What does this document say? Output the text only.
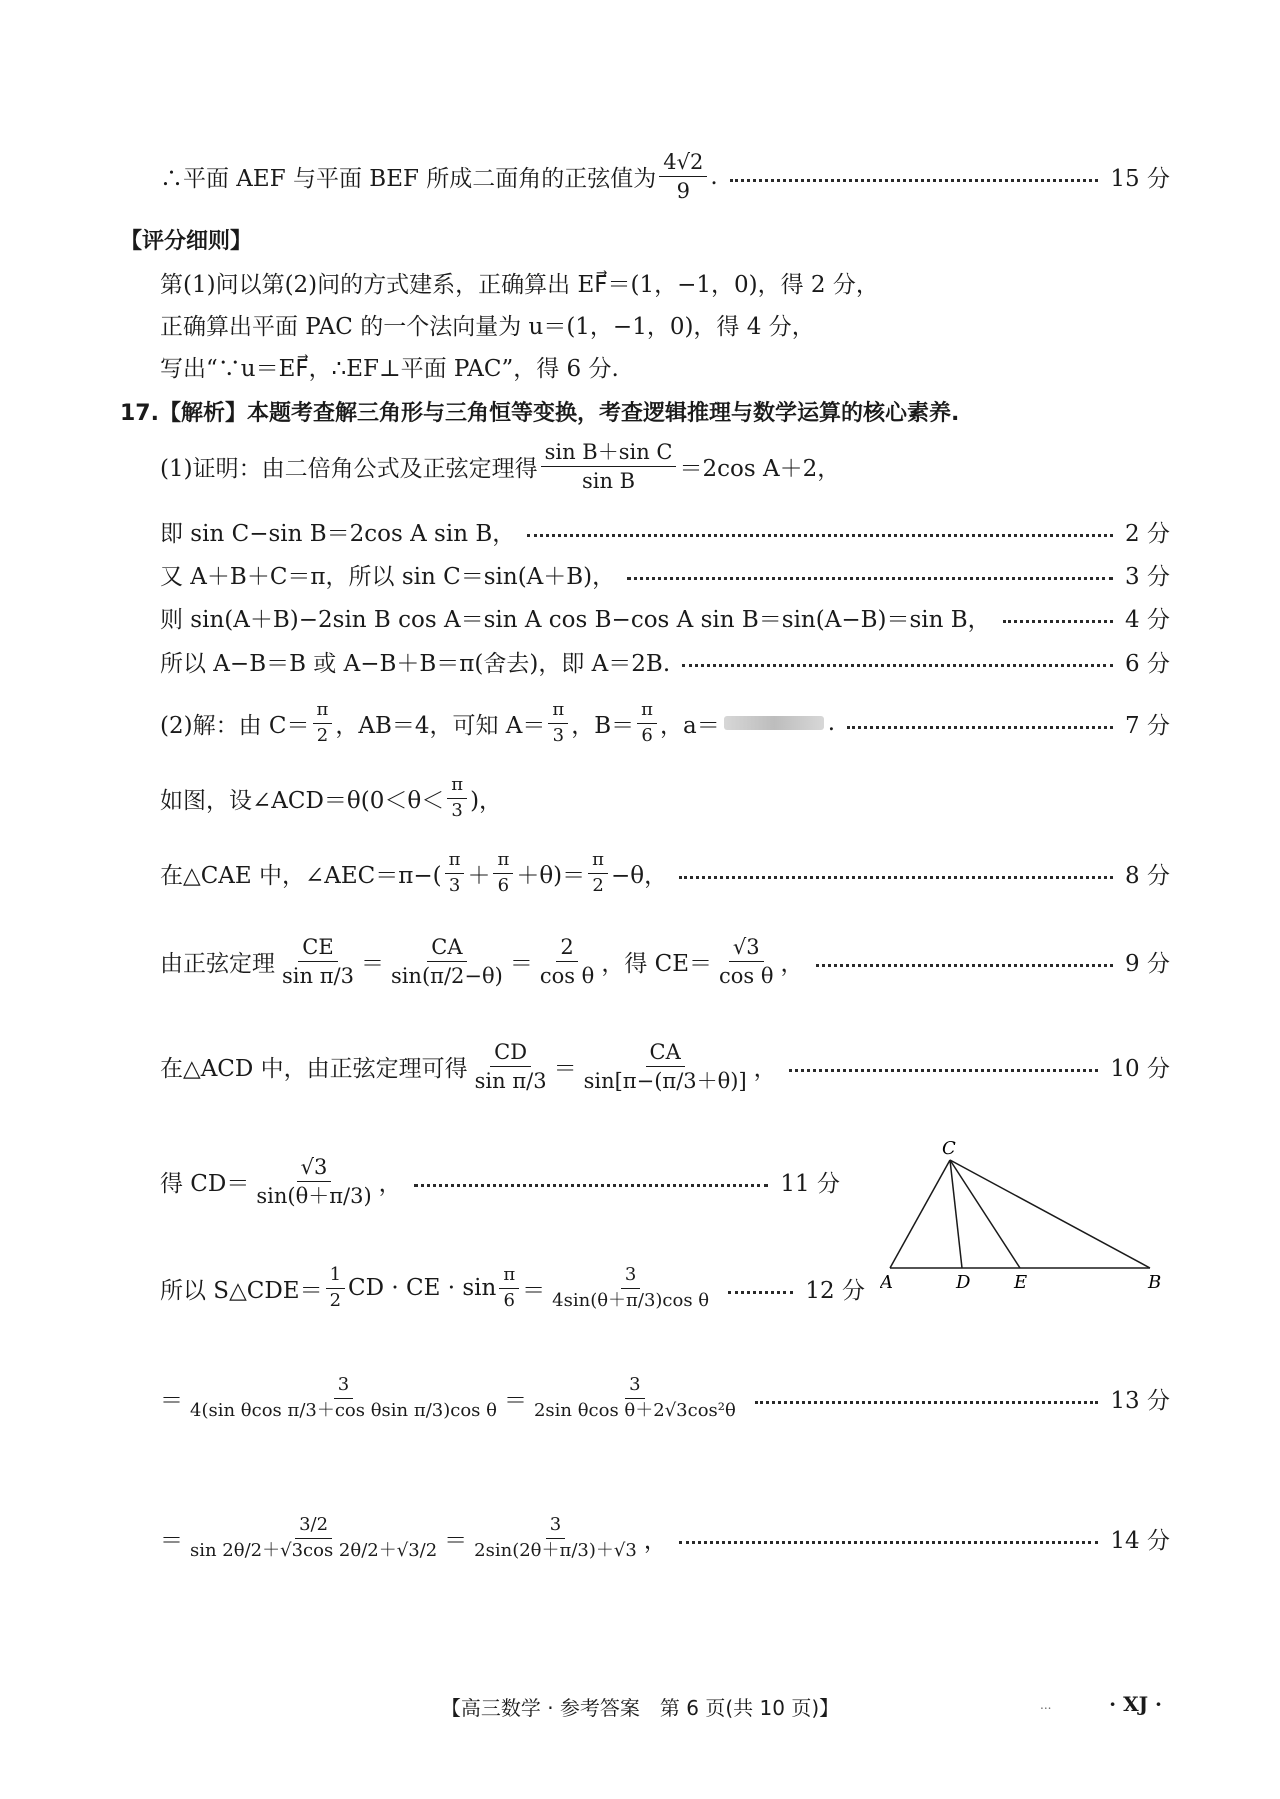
∴平面 AEF 与平面 BEF 所成二面角的正弦值为 $\frac{4√2}{9}$ .	15 分
【评分细则】
第(1)问以第(2)问的方式建系，正确算出 EF⃗＝(1，−1，0)，得 2 分，
正确算出平面 PAC 的一个法向量为 u＝(1，−1，0)，得 4 分，
写出“∵u＝EF⃗，∴EF⊥平面 PAC”，得 6 分.
17.【解析】本题考查解三角形与三角恒等变换，考查逻辑推理与数学运算的核心素养.
(1)证明：由二倍角公式及正弦定理得 $\frac{\text{sin B＋sin C}}{\text{sin B}} =2\cos$ A＋2，
即 sin C−sin B＝2cos A sin B，	2 分
又 A＋B＋C＝π，所以 sin C＝sin(A＋B)，	3 分
则 sin(A＋B)−2sin B cos A＝sin A cos B−cos A sin B＝sin(A−B)＝sin B，	4 分
所以 A−B＝B 或 A−B＋B＝π(舍去)，即 A＝2B.	6 分
(2)解：由 $C= \frac{\pi}{2}$ ，AB＝4，可知 $A= \frac{\pi}{3}$ ，$B= \frac{\pi}{6}$ ，a＝	.	7 分
如图，设∠ACD＝θ(0＜θ＜ $\frac{\pi}{3}$ )，
在△CAE 中，∠AEC＝π−( $\frac{\pi}{3} + \frac{\pi}{6} +\theta)= \frac{\pi}{2} -\theta$，	8 分
由正弦定理 $\frac{CE}{\text{sin π/3}} = \frac{CA}{\sin(\pi/2-\theta)} = \frac{2}{\text{cos θ}}$ ，得 $CE= \frac{√3}{\text{cos θ}}$ ，	9 分
在△ACD 中，由正弦定理可得 $\frac{CD}{\text{sin π/3}} = \frac{CA}{\sin[\pi-(\pi/3+\theta)]}$ ，	10 分
得 $CD= \frac{√3}{\sin(\theta+\pi/3)}$ ，	11 分
所以 S△CDE＝ $\frac{1}{2}$ CD · CE · $\sin \frac{\pi}{6} = \frac{3}{\text{4sin(θ＋π/3)cos θ}}$	12 分
＝ $\frac{3}{\text{4(sin θcos π/3＋cos θsin π/3)cos θ}} = \frac{3}{\text{2sin θcos θ＋2√3cos²θ}}$	13 分
＝ $\frac{3/2}{\sin 2\theta/2+√3\cos 2\theta/2+√3/2} = \frac{3}{2\sin(2\theta+\pi/3)+√3}$ ，	14 分
C
A	D E	B
【高三数学 · 参考答案　第 6 页(共 10 页)】	...	· XJ ·
